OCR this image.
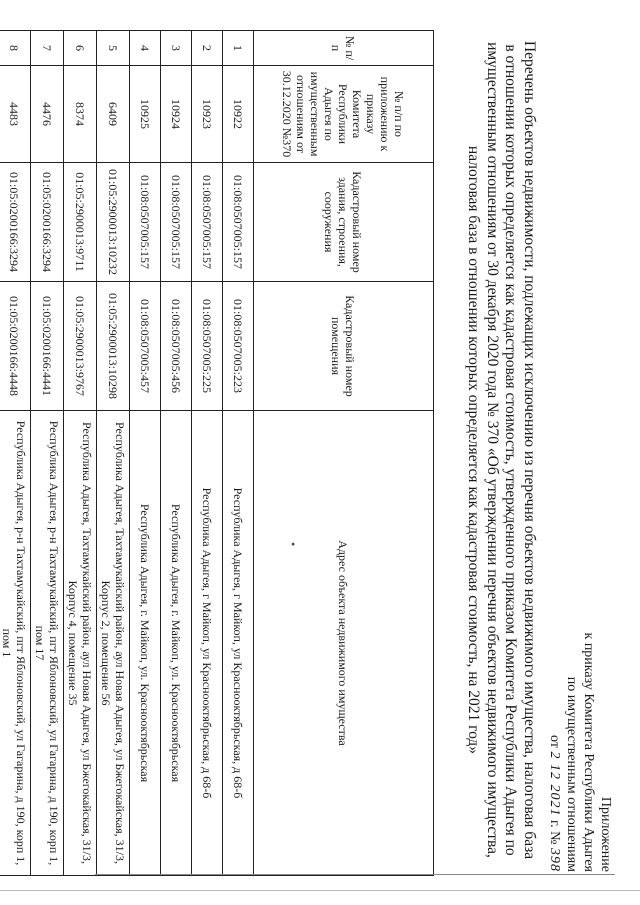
Приложение
к приказу Комитета Республики Адыгея
по имущественным отношениям
от 2 12 2021 г. № 398
Перечень объектов недвижимости, подлежащих исключению из перечня объектов недвижимого имущества, налоговая база в отношении которых определяется как кадастровая стоимость, утвержденного приказом Комитета Республики Адыгея по имущественным отношениям от 30 декабря 2020 года № 370 «Об утверждении перечня объектов недвижимого имущества, налоговая база в отношении которых определяется как кадастровая стоимость, на 2021 год»
№ п/п	№ п/п по приложению к приказу Комитета Республики Адыгея по имущественным отношениям от 30.12.2020 №370	Кадастровый номер здания, строения, сооружения	Кадастровый номер помещения	Адрес объекта недвижимого имущества
1	10922	01:08:0507005:157	01:08:0507005:223	Республика Адыгея, г Майкоп, ул Краснооктябрьская, д 68-б
2	10923	01:08:0507005:157	01:08:0507005:225	Республика Адыгея, г Майкоп, ул Краснооктябрьская, д 68-б
3	10924	01:08:0507005:157	01:08:0507005:456	Республика Адыгея, г. Майкоп, ул. Краснооктябрьская
4	10925	01:08:0507005:157	01:08:0507005:457	Республика Адыгея, г. Майкоп, ул. Краснооктябрьская
5	6409	01:05:2900013:10232	01:05:2900013:10298	Республика Адыгея, Тахтамукайский район, аул Новая Адыгея, ул Бжегокайская, 31/3, Корпус 2, помещение 56
6	8374	01:05:2900013:9711	01:05:2900013:9767	Республика Адыгея, Тахтамукайский район, аул Новая Адыгея, ул Бжегокайская, 31/3, Корпус 4, помещение 35
7	4476	01:05:0200166:3294	01:05:0200166:4441	Республика Адыгея, р-н Тахтамукайский, пгт Яблоновский, ул Гагарина, д 190, корп 1, пом 17
8	4483	01:05:0200166:3294	01:05:0200166:4448	Республика Адыгея, р-н Тахтамукайский, пгт Яблоновский, ул Гагарина, д 190, корп 1, пом 1
•
